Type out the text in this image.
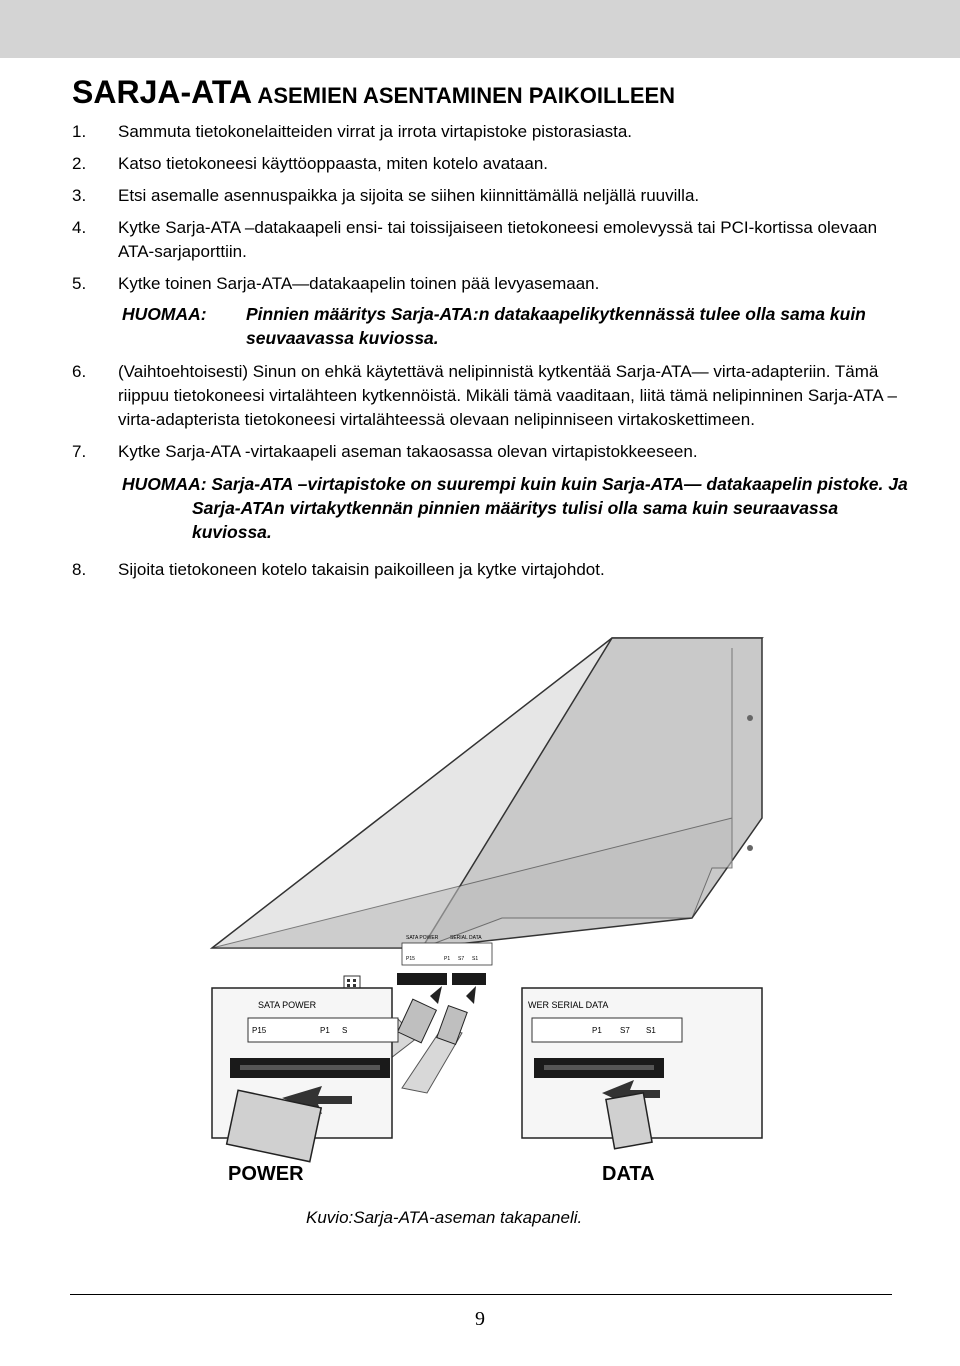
SARJA-ATA ASEMIEN ASENTAMINEN PAIKOILLEEN
1.	Sammuta tietokonelaitteiden virrat ja irrota virtapistoke pistorasiasta.
2.	Katso tietokoneesi käyttöoppaasta, miten kotelo avataan.
3.	Etsi asemalle asennuspaikka ja sijoita se siihen kiinnittämällä neljällä ruuvilla.
4.	Kytke Sarja-ATA –datakaapeli ensi- tai toissijaiseen tietokoneesi emolevyssä tai PCI-kortissa olevaan ATA-sarjaporttiin.
5.	Kytke toinen Sarja-ATA—datakaapelin toinen pää levyasemaan.
HUOMAA:	Pinnien määritys Sarja-ATA:n datakaapelikytkennässä tulee olla sama kuin seuvaavassa kuviossa.
6.	(Vaihtoehtoisesti) Sinun on ehkä käytettävä nelipinnistä kytkentää Sarja-ATA— virta-adapteriin. Tämä riippuu tietokoneesi virtalähteen kytkennöistä. Mikäli tämä vaaditaan, liitä tämä nelipinninen Sarja-ATA –virta-adapterista tietokoneesi virtalähteessä olevaan nelipinniseen virtakoskettimeen.
7.	Kytke Sarja-ATA -virtakaapeli aseman takaosassa olevan virtapistokkeeseen.
HUOMAA: Sarja-ATA –virtapistoke on suurempi kuin kuin Sarja-ATA— datakaapelin pistoke. Ja Sarja-ATAn virtakytkennän pinnien määritys tulisi olla sama kuin seuraavassa kuviossa.
8.	Sijoita tietokoneen kotelo takaisin paikoilleen ja kytke virtajohdot.
SATA POWER SERIAL DATA
P15	P1 S7 S1
SATA POWER
P15	P1 S
POWER
WER SERIAL DATA
P1 S7 S1
DATA

Kuvio:Sarja-ATA-aseman takapaneli.

9
